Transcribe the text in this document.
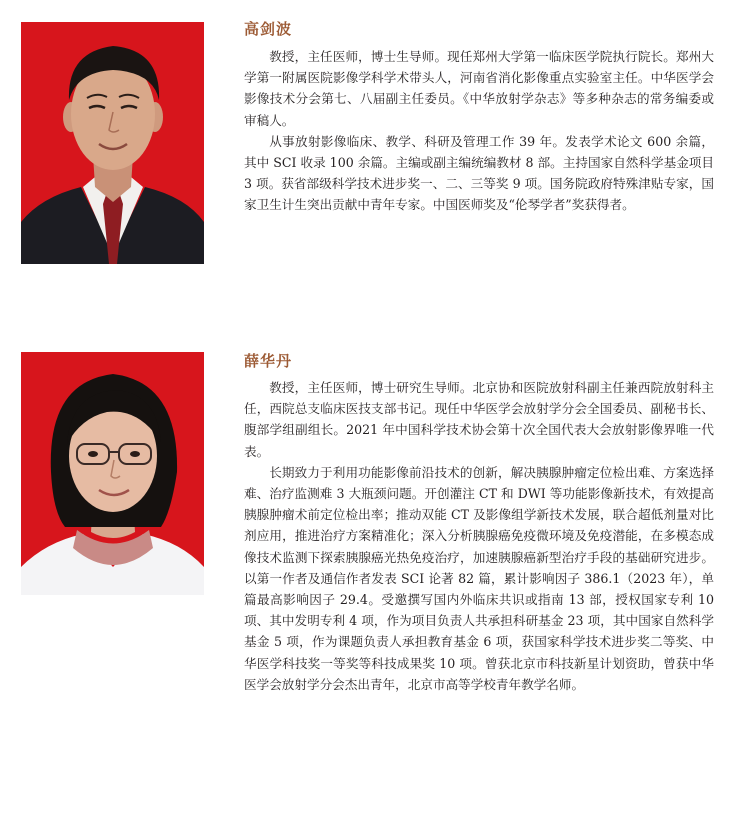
高剑波

教授，主任医师，博士生导师。现任郑州大学第一临床医学院执行院长。郑州大学第一附属医院影像学科学术带头人，河南省消化影像重点实验室主任。中华医学会影像技术分会第七、八届副主任委员。《中华放射学杂志》等多种杂志的常务编委或审稿人。

从事放射影像临床、教学、科研及管理工作 39 年。发表学术论文 600 余篇，其中 SCI 收录 100 余篇。主编或副主编统编教材 8 部。主持国家自然科学基金项目 3 项。获省部级科学技术进步奖一、二、三等奖 9 项。国务院政府特殊津贴专家，国家卫生计生突出贡献中青年专家。中国医师奖及“伦琴学者”奖获得者。

薛华丹

教授，主任医师，博士研究生导师。北京协和医院放射科副主任兼西院放射科主任，西院总支临床医技支部书记。现任中华医学会放射学分会全国委员、副秘书长、腹部学组副组长。2021 年中国科学技术协会第十次全国代表大会放射影像界唯一代表。

长期致力于利用功能影像前沿技术的创新，解决胰腺肿瘤定位检出难、方案选择难、治疗监测难 3 大瓶颈问题。开创灌注 CT 和 DWI 等功能影像新技术，有效提高胰腺肿瘤术前定位检出率；推动双能 CT 及影像组学新技术发展，联合超低剂量对比剂应用，推进治疗方案精准化；深入分析胰腺癌免疫微环境及免疫潜能，在多模态成像技术监测下探索胰腺癌光热免疫治疗，加速胰腺癌新型治疗手段的基础研究进步。以第一作者及通信作者发表 SCI 论著 82 篇，累计影响因子 386.1（2023 年），单篇最高影响因子 29.4。受邀撰写国内外临床共识或指南 13 部，授权国家专利 10 项、其中发明专利 4 项，作为项目负责人共承担科研基金 23 项，其中国家自然科学基金 5 项，作为课题负责人承担教育基金 6 项，获国家科学技术进步奖二等奖、中华医学科技奖一等奖等科技成果奖 10 项。曾获北京市科技新星计划资助，曾获中华医学会放射学分会杰出青年，北京市高等学校青年教学名师。
